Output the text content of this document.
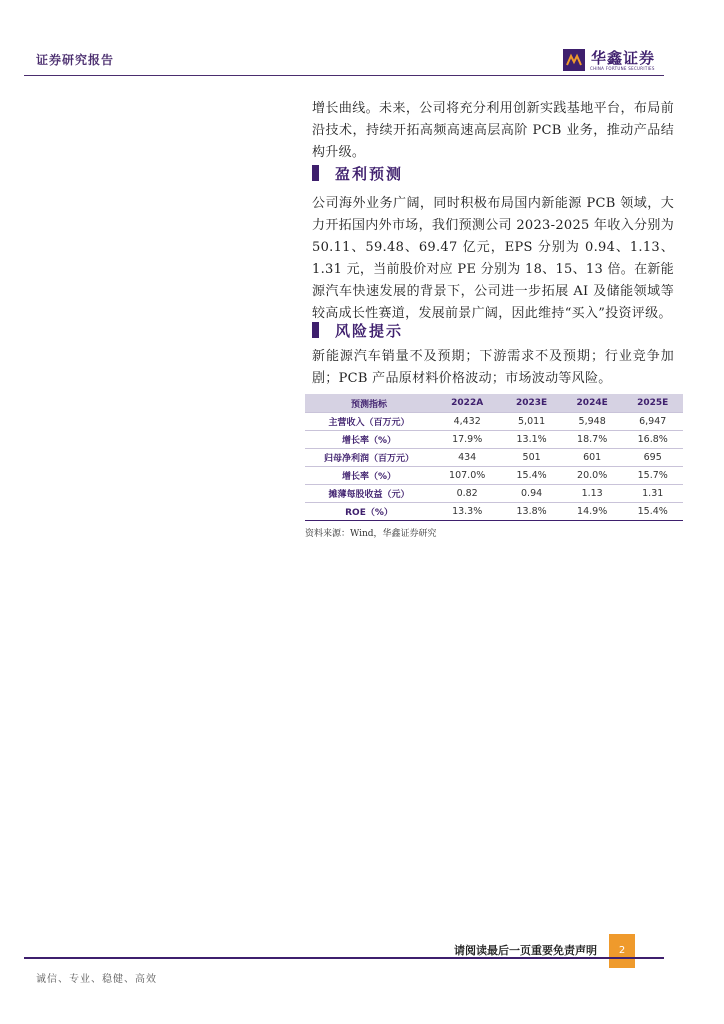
证券研究报告	华鑫证券
CHINA FORTUNE SECURITIES
增长曲线。未来，公司将充分利用创新实践基地平台，布局前沿技术，持续开拓高频高速高层高阶 PCB 业务，推动产品结构升级。
盈利预测
公司海外业务广阔，同时积极布局国内新能源 PCB 领域，大力开拓国内外市场，我们预测公司 2023-2025 年收入分别为 50.11、59.48、69.47 亿元，EPS 分别为 0.94、1.13、1.31 元，当前股价对应 PE 分别为 18、15、13 倍。在新能源汽车快速发展的背景下，公司进一步拓展 AI 及储能领域等较高成长性赛道，发展前景广阔，因此维持“买入”投资评级。
风险提示
新能源汽车销量不及预期；下游需求不及预期；行业竞争加剧；PCB 产品原材料价格波动；市场波动等风险。
预测指标	2022A	2023E	2024E	2025E
主营收入（百万元）	4,432	5,011	5,948	6,947
增长率（%）	17.9%	13.1%	18.7%	16.8%
归母净利润（百万元）	434	501	601	695
增长率（%）	107.0%	15.4%	20.0%	15.7%
摊薄每股收益（元）	0.82	0.94	1.13	1.31
ROE（%）	13.3%	13.8%	14.9%	15.4%
资料来源：Wind，华鑫证券研究
请阅读最后一页重要免责声明	2
诚信、专业、稳健、高效
